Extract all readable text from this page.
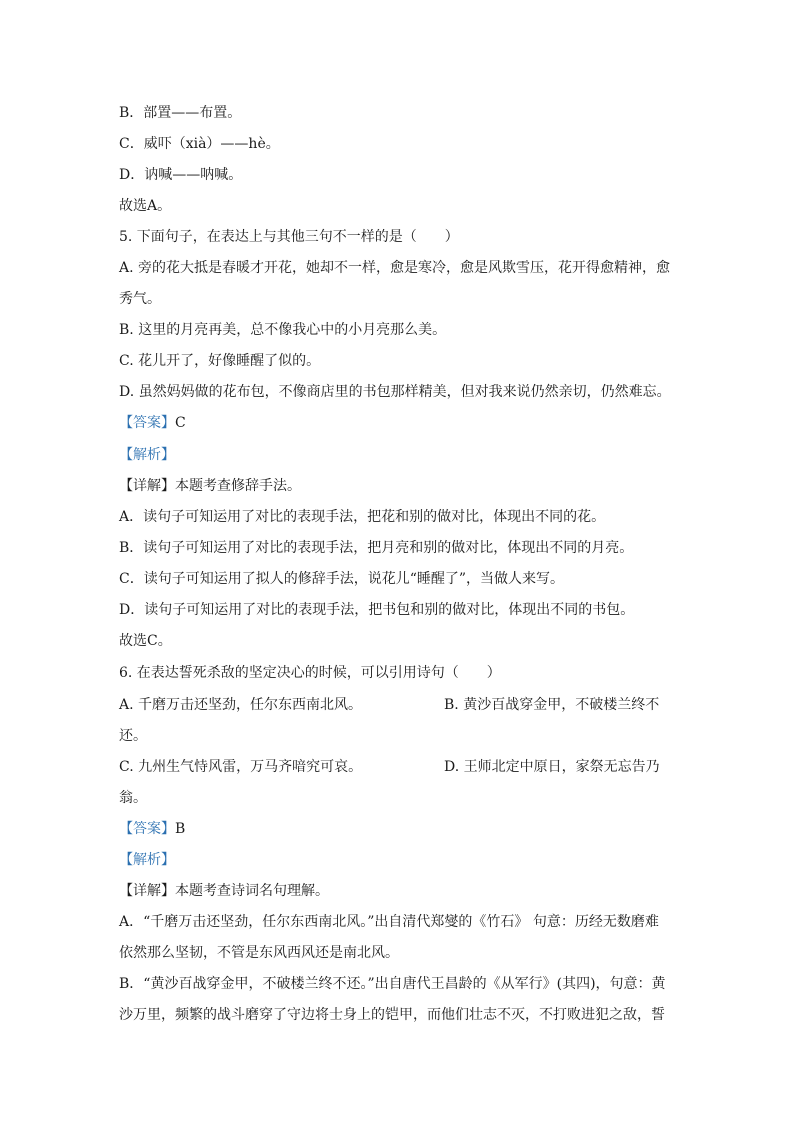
B．部置——布置。
C．威吓（xià）——hè。
D．讷喊——呐喊。
故选A。
5. 下面句子，在表达上与其他三句不一样的是（　　）
A. 旁的花大抵是春暖才开花，她却不一样，愈是寒冷，愈是风欺雪压，花开得愈精神，愈
秀气。
B. 这里的月亮再美，总不像我心中的小月亮那么美。
C. 花儿开了，好像睡醒了似的。
D. 虽然妈妈做的花布包，不像商店里的书包那样精美，但对我来说仍然亲切，仍然难忘。
【答案】C
【解析】
【详解】本题考查修辞手法。
A．读句子可知运用了对比的表现手法，把花和别的做对比，体现出不同的花。
B．读句子可知运用了对比的表现手法，把月亮和别的做对比，体现出不同的月亮。
C．读句子可知运用了拟人的修辞手法，说花儿“睡醒了”，当做人来写。
D．读句子可知运用了对比的表现手法，把书包和别的做对比，体现出不同的书包。
故选C。
6. 在表达誓死杀敌的坚定决心的时候，可以引用诗句（　　）
A. 千磨万击还坚劲，任尔东西南北风。	B. 黄沙百战穿金甲，不破楼兰终不
还。
C. 九州生气恃风雷，万马齐喑究可哀。	D. 王师北定中原日，家祭无忘告乃
翁。
【答案】B
【解析】
【详解】本题考查诗词名句理解。
A．“千磨万击还坚劲，任尔东西南北风。”出自清代郑燮的《竹石》 句意：历经无数磨难
依然那么坚韧，不管是东风西风还是南北风。
B．“黄沙百战穿金甲，不破楼兰终不还。”出自唐代王昌龄的《从军行》(其四)，句意：黄
沙万里，频繁的战斗磨穿了守边将士身上的铠甲，而他们壮志不灭，不打败进犯之敌，誓
